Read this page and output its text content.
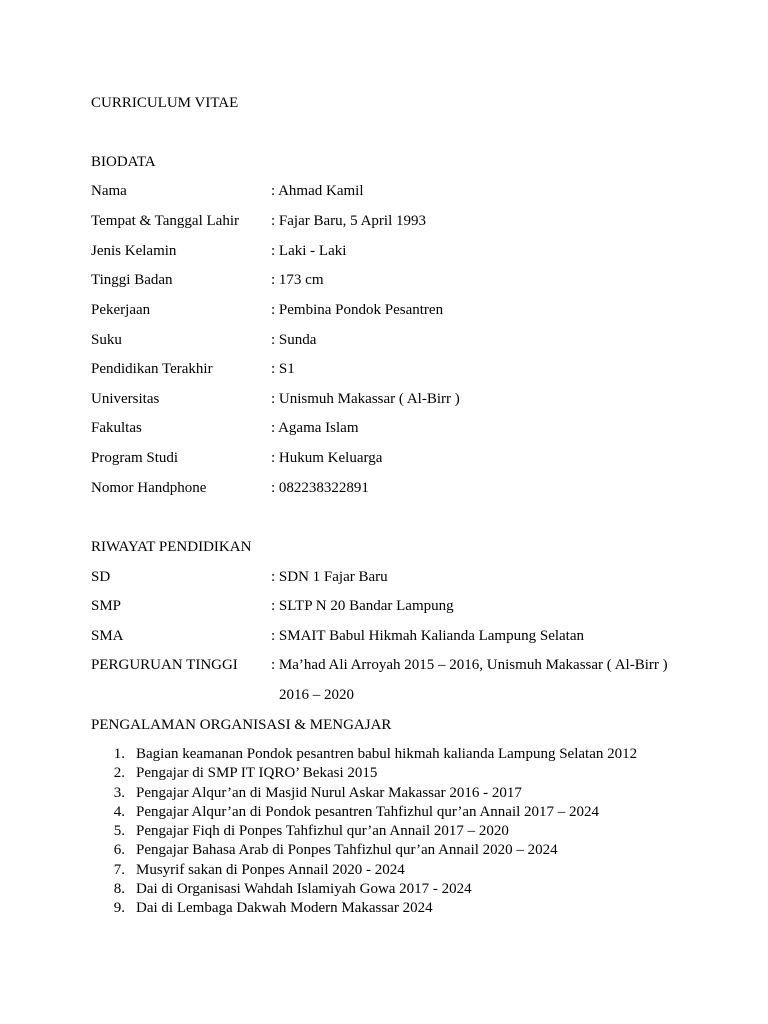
CURRICULUM VITAE
BIODATA
Nama	: Ahmad Kamil
Tempat & Tanggal Lahir : Fajar Baru, 5 April 1993
Jenis Kelamin	: Laki - Laki
Tinggi Badan	: 173 cm
Pekerjaan	: Pembina Pondok Pesantren
Suku	: Sunda
Pendidikan Terakhir	: S1
Universitas	: Unismuh Makassar ( Al-Birr )
Fakultas	: Agama Islam
Program Studi	: Hukum Keluarga
Nomor Handphone	: 082238322891
RIWAYAT PENDIDIKAN
SD	: SDN 1 Fajar Baru
SMP	: SLTP N 20 Bandar Lampung
SMA	: SMAIT Babul Hikmah Kalianda Lampung Selatan
PERGURUAN TINGGI : Ma’had Ali Arroyah 2015 – 2016, Unismuh Makassar ( Al-Birr )
2016 – 2020
PENGALAMAN ORGANISASI & MENGAJAR
1. Bagian keamanan Pondok pesantren babul hikmah kalianda Lampung Selatan 2012
2. Pengajar di SMP IT IQRO’ Bekasi 2015
3. Pengajar Alqur’an di Masjid Nurul Askar Makassar 2016 - 2017
4. Pengajar Alqur’an di Pondok pesantren Tahfizhul qur’an Annail 2017 – 2024
5. Pengajar Fiqh di Ponpes Tahfizhul qur’an Annail 2017 – 2020
6. Pengajar Bahasa Arab di Ponpes Tahfizhul qur’an Annail 2020 – 2024
7. Musyrif sakan di Ponpes Annail 2020 - 2024
8. Dai di Organisasi Wahdah Islamiyah Gowa 2017 - 2024
9. Dai di Lembaga Dakwah Modern Makassar 2024
